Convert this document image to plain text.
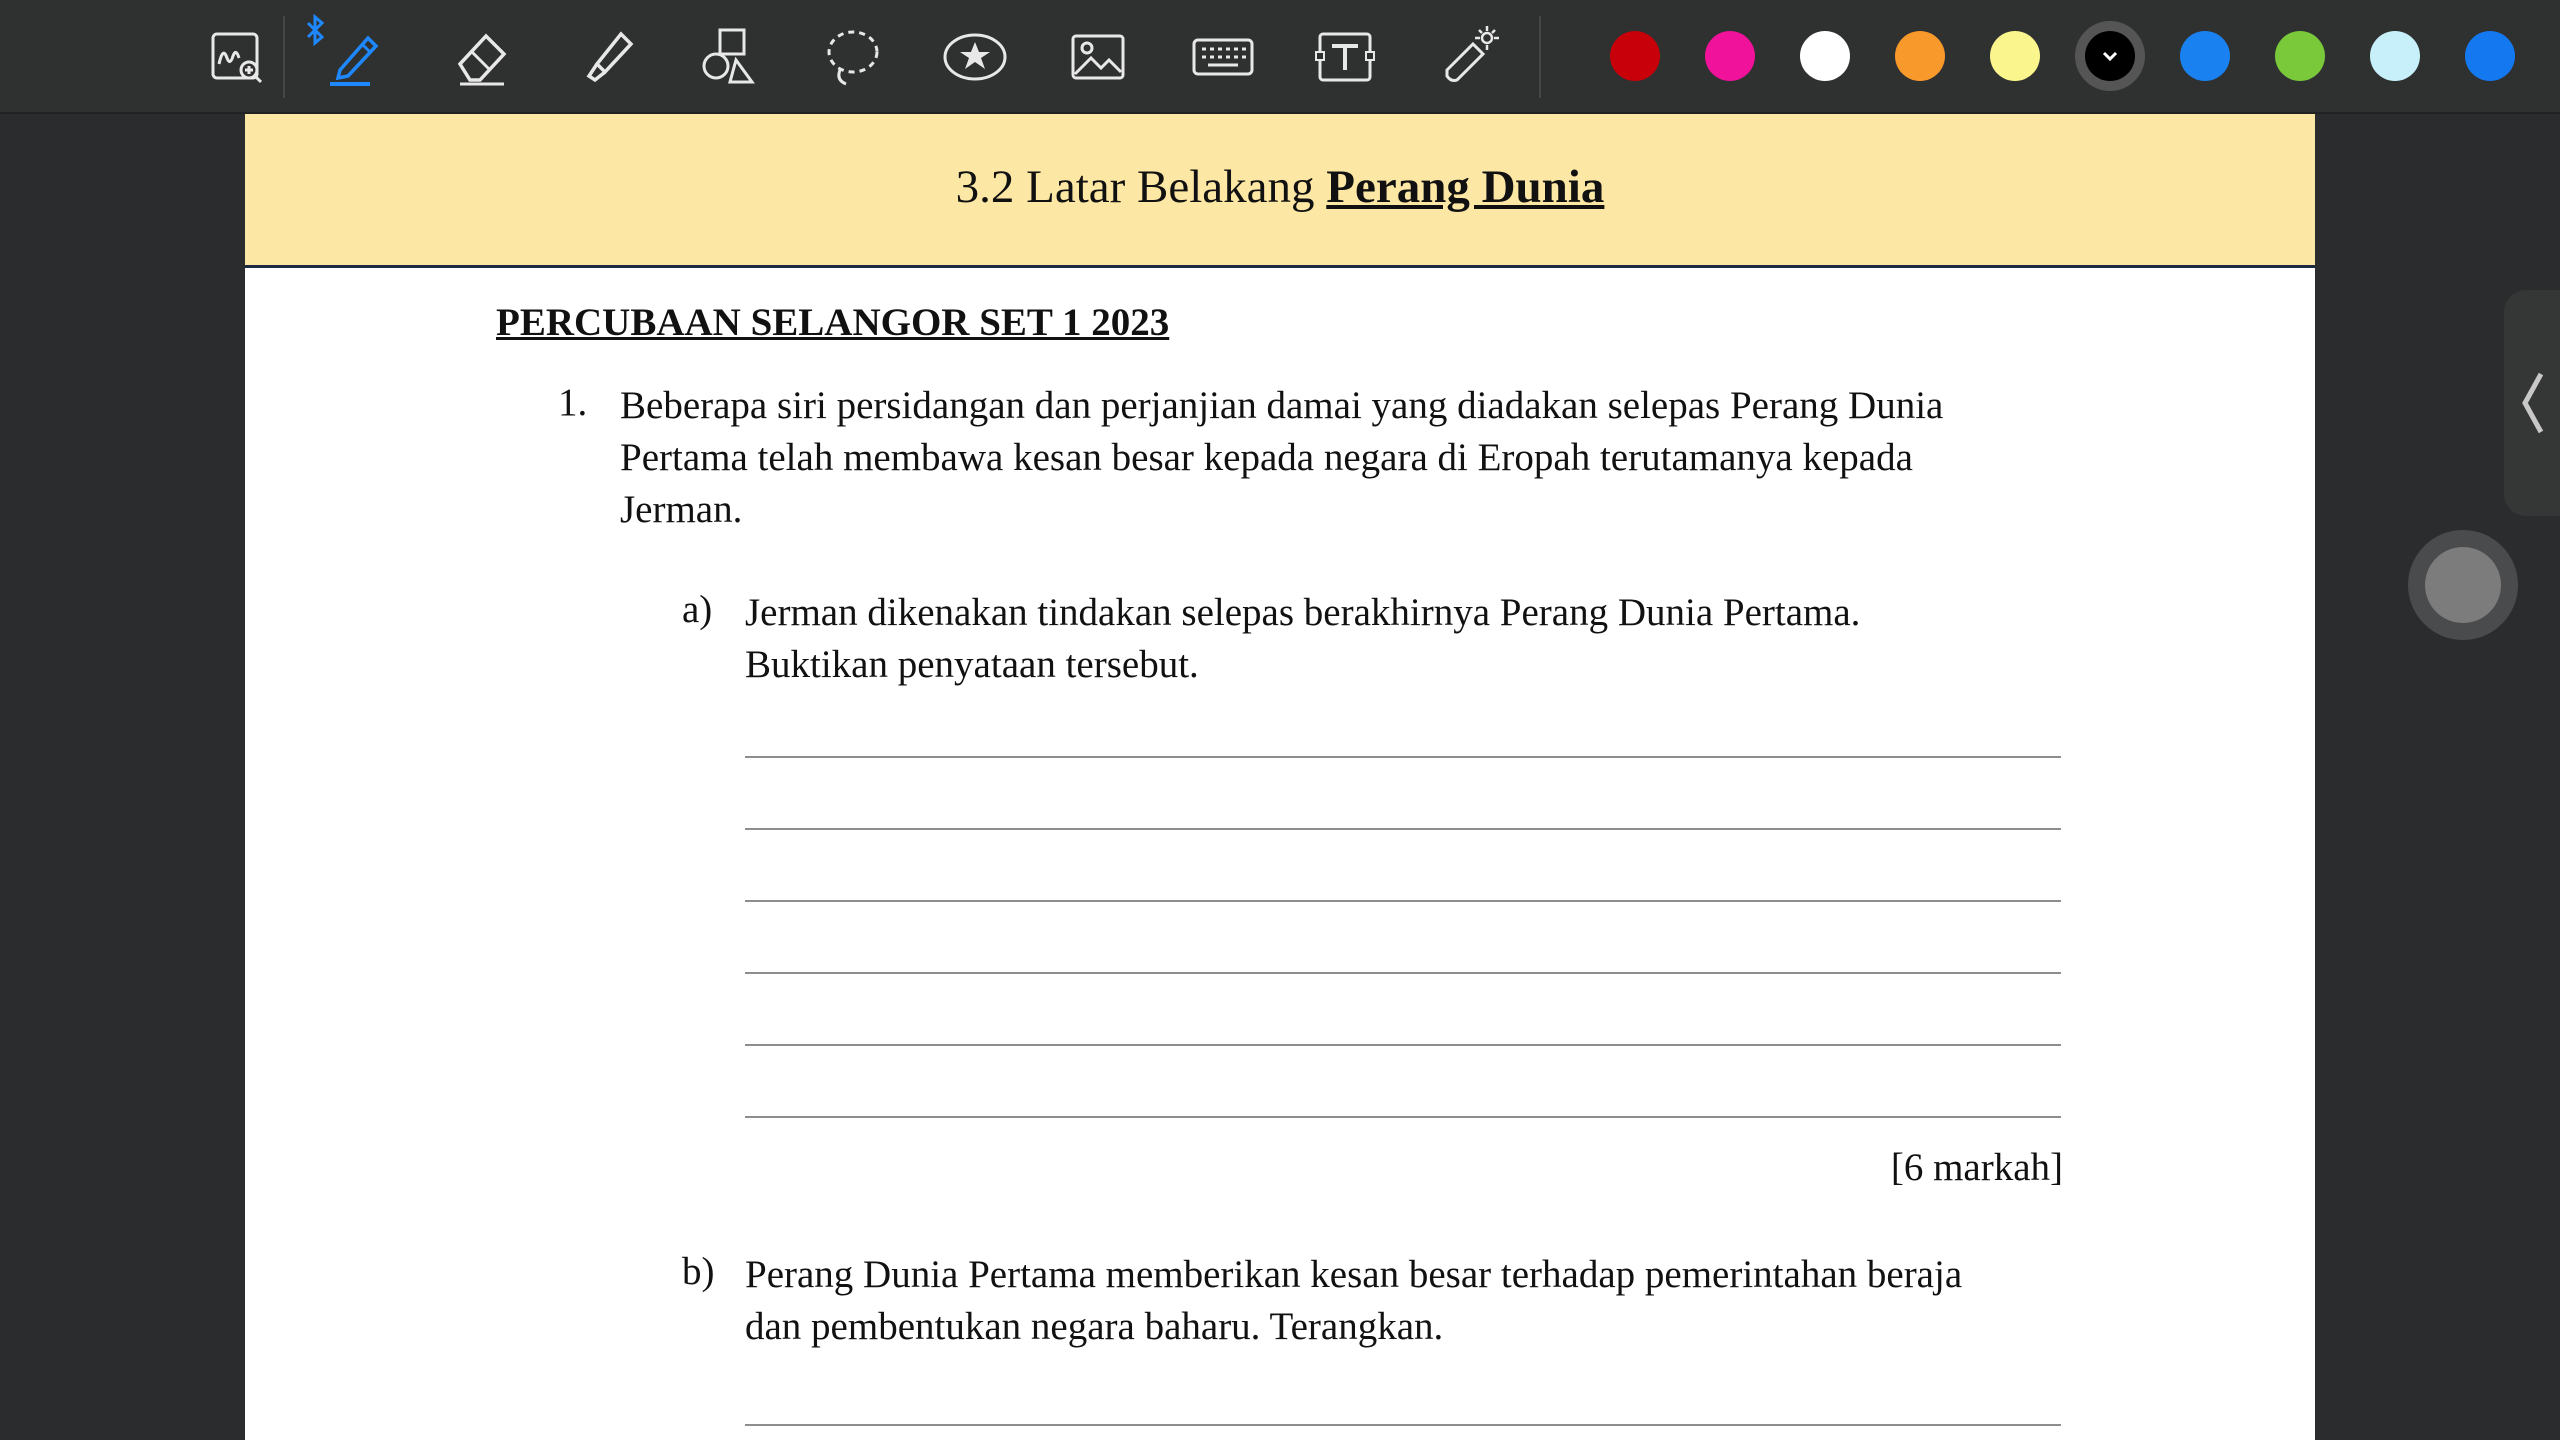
3.2 Latar Belakang Perang Dunia
PERCUBAAN SELANGOR SET 1 2023
1. Beberapa siri persidangan dan perjanjian damai yang diadakan selepas Perang Dunia
Pertama telah membawa kesan besar kepada negara di Eropah terutamanya kepada
Jerman.
a) Jerman dikenakan tindakan selepas berakhirnya Perang Dunia Pertama.
Buktikan penyataan tersebut.
[6 markah]
b) Perang Dunia Pertama memberikan kesan besar terhadap pemerintahan beraja
dan pembentukan negara baharu. Terangkan.
